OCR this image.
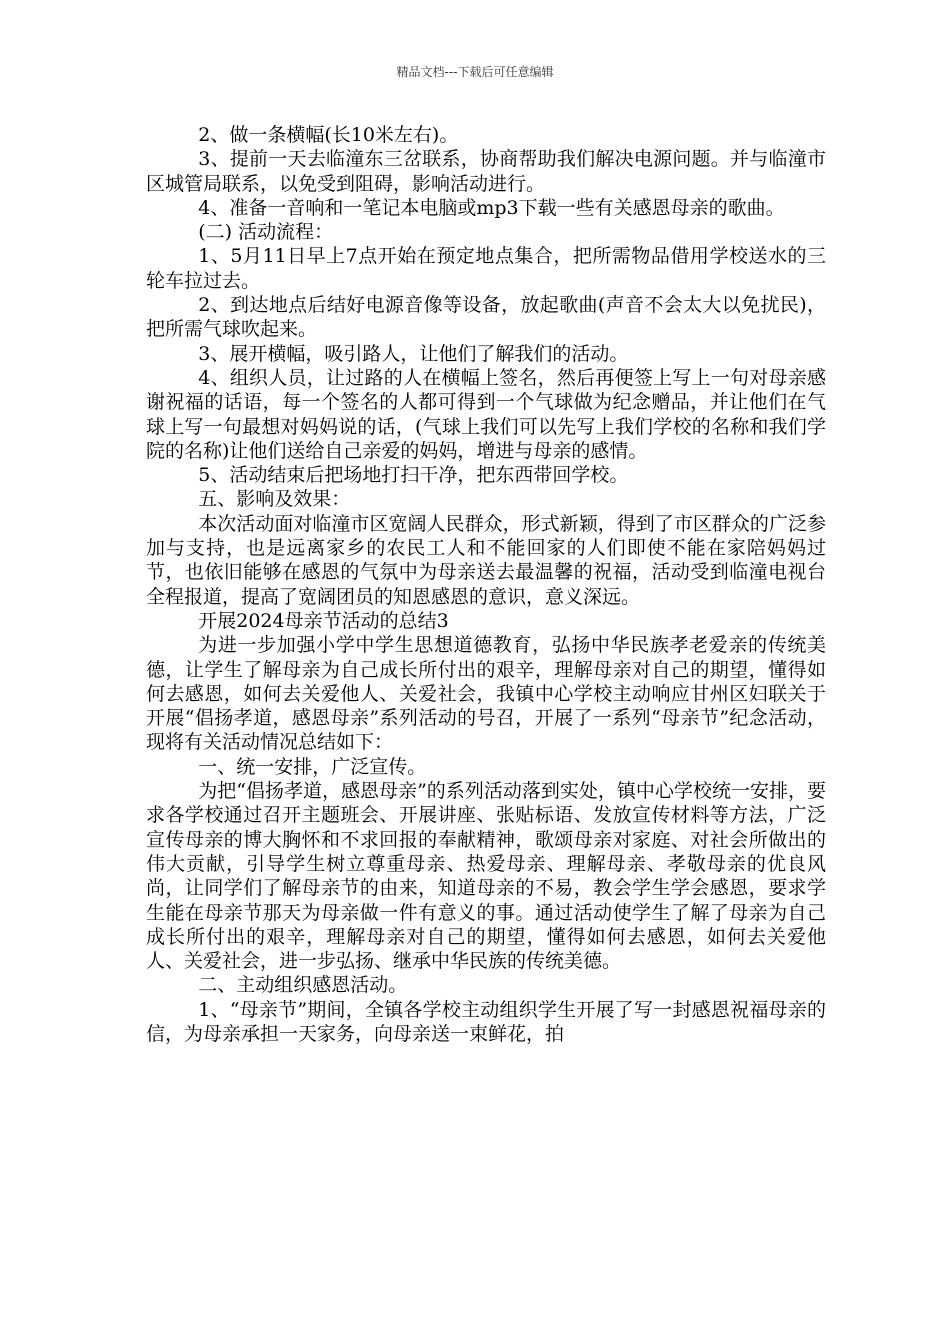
精品文档---下载后可任意编辑

2、做一条横幅(长10米左右)。

3、提前一天去临潼东三岔联系，协商帮助我们解决电源问题。并与临潼市区城管局联系，以免受到阻碍，影响活动进行。

4、准备一音响和一笔记本电脑或mp3下载一些有关感恩母亲的歌曲。

(二) 活动流程：

1、5月11日早上7点开始在预定地点集合，把所需物品借用学校送水的三轮车拉过去。

2、到达地点后结好电源音像等设备，放起歌曲(声音不会太大以免扰民)，把所需气球吹起来。

3、展开横幅，吸引路人，让他们了解我们的活动。

4、组织人员，让过路的人在横幅上签名，然后再便签上写上一句对母亲感谢祝福的话语，每一个签名的人都可得到一个气球做为纪念赠品，并让他们在气球上写一句最想对妈妈说的话，(气球上我们可以先写上我们学校的名称和我们学院的名称)让他们送给自己亲爱的妈妈，增进与母亲的感情。

5、活动结束后把场地打扫干净，把东西带回学校。

五、影响及效果：

本次活动面对临潼市区宽阔人民群众，形式新颖，得到了市区群众的广泛参加与支持，也是远离家乡的农民工人和不能回家的人们即使不能在家陪妈妈过节，也依旧能够在感恩的气氛中为母亲送去最温馨的祝福，活动受到临潼电视台全程报道，提高了宽阔团员的知恩感恩的意识，意义深远。

开展2024母亲节活动的总结3

为进一步加强小学中学生思想道德教育，弘扬中华民族孝老爱亲的传统美德，让学生了解母亲为自己成长所付出的艰辛，理解母亲对自己的期望，懂得如何去感恩，如何去关爱他人、关爱社会，我镇中心学校主动响应甘州区妇联关于开展“倡扬孝道，感恩母亲”系列活动的号召，开展了一系列“母亲节”纪念活动，现将有关活动情况总结如下：

一、统一安排，广泛宣传。

为把“倡扬孝道，感恩母亲”的系列活动落到实处，镇中心学校统一安排，要求各学校通过召开主题班会、开展讲座、张贴标语、发放宣传材料等方法，广泛宣传母亲的博大胸怀和不求回报的奉献精神，歌颂母亲对家庭、对社会所做出的伟大贡献，引导学生树立尊重母亲、热爱母亲、理解母亲、孝敬母亲的优良风尚，让同学们了解母亲节的由来，知道母亲的不易，教会学生学会感恩，要求学生能在母亲节那天为母亲做一件有意义的事。通过活动使学生了解了母亲为自己成长所付出的艰辛，理解母亲对自己的期望，懂得如何去感恩，如何去关爱他人、关爱社会，进一步弘扬、继承中华民族的传统美德。

二、主动组织感恩活动。

1、“母亲节”期间，全镇各学校主动组织学生开展了写一封感恩祝福母亲的信，为母亲承担一天家务，向母亲送一束鲜花，拍
